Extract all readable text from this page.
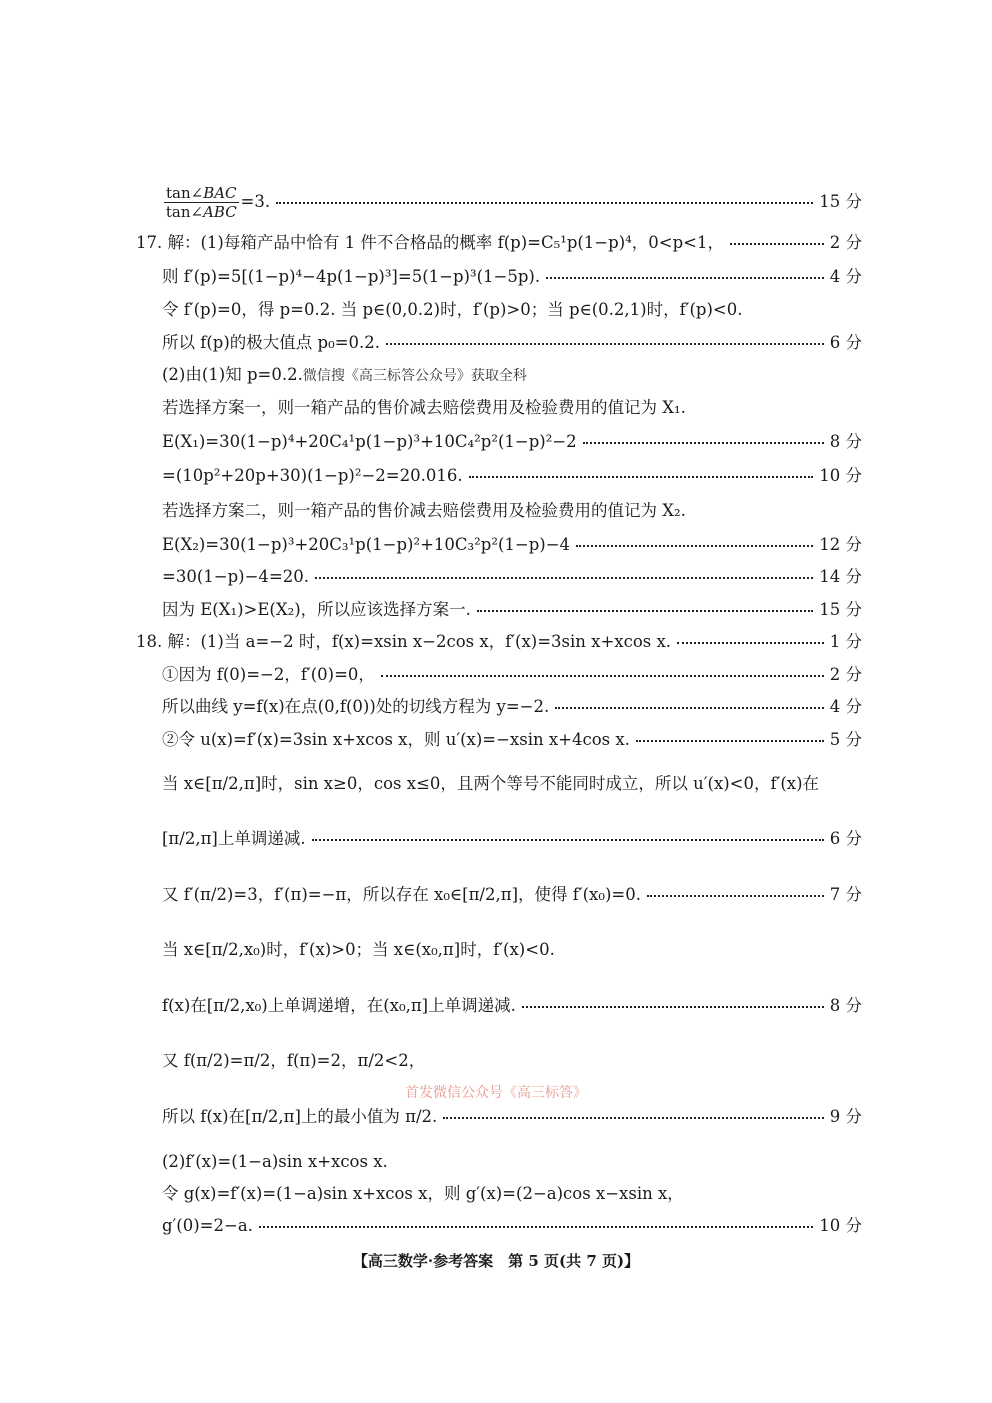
$\frac{\text{tan∠BAC}}{\text{tan∠ABC}} =3$.	15 分
17. 解：(1)每箱产品中恰有 1 件不合格品的概率 f(p)=C₅¹p(1−p)⁴，0<p<1，	2 分
则 f′(p)=5[(1−p)⁴−4p(1−p)³]=5(1−p)³(1−5p).	4 分
令 f′(p)=0，得 p=0.2. 当 p∈(0,0.2)时，f′(p)>0；当 p∈(0.2,1)时，f′(p)<0.
所以 f(p)的极大值点 p₀=0.2.	6 分
(2)由(1)知 p=0.2. 微信搜《高三标答公众号》获取全科
若选择方案一，则一箱产品的售价减去赔偿费用及检验费用的值记为 X₁.
E(X₁)=30(1−p)⁴+20C₄¹p(1−p)³+10C₄²p²(1−p)²−2	8 分
=(10p²+20p+30)(1−p)²−2=20.016.	10 分
若选择方案二，则一箱产品的售价减去赔偿费用及检验费用的值记为 X₂.
E(X₂)=30(1−p)³+20C₃¹p(1−p)²+10C₃²p²(1−p)−4	12 分
=30(1−p)−4=20.	14 分
因为 E(X₁)>E(X₂)，所以应该选择方案一.	15 分
18. 解：(1)当 a=−2 时，f(x)=xsin x−2cos x，f′(x)=3sin x+xcos x.	1 分
①因为 f(0)=−2，f′(0)=0，	2 分
所以曲线 y=f(x)在点(0,f(0))处的切线方程为 y=−2.	4 分
②令 u(x)=f′(x)=3sin x+xcos x，则 u′(x)=−xsin x+4cos x.	5 分
当 x∈[π/2,π]时，sin x≥0，cos x≤0，且两个等号不能同时成立，所以 u′(x)<0，f′(x)在
[π/2,π]上单调递减.	6 分
又 f′(π/2)=3，f′(π)=−π，所以存在 x₀∈[π/2,π]，使得 f′(x₀)=0.	7 分
当 x∈[π/2,x₀)时，f′(x)>0；当 x∈(x₀,π]时，f′(x)<0.
f(x)在[π/2,x₀)上单调递增，在(x₀,π]上单调递减.	8 分
又 f(π/2)=π/2，f(π)=2，π/2<2，
首发微信公众号《高三标答》
所以 f(x)在[π/2,π]上的最小值为 π/2.	9 分
(2)f′(x)=(1−a)sin x+xcos x.
令 g(x)=f′(x)=(1−a)sin x+xcos x，则 g′(x)=(2−a)cos x−xsin x，
g′(0)=2−a.	10 分
【高三数学·参考答案　第 5 页(共 7 页)】
